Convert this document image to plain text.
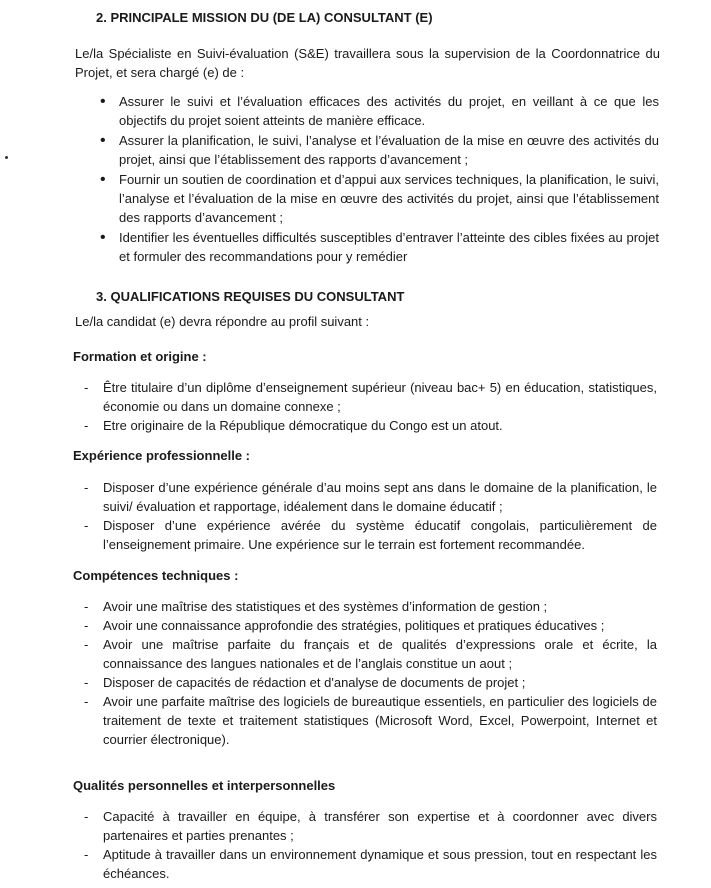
2. PRINCIPALE MISSION DU (DE LA) CONSULTANT (E)
Le/la Spécialiste en Suivi-évaluation (S&E) travaillera sous la supervision de la Coordonnatrice du Projet, et sera chargé (e) de :
• Assurer le suivi et l’évaluation efficaces des activités du projet, en veillant à ce que les objectifs du projet soient atteints de manière efficace.
• Assurer la planification, le suivi, l’analyse et l’évaluation de la mise en œuvre des activités du projet, ainsi que l’établissement des rapports d’avancement ;
• Fournir un soutien de coordination et d’appui aux services techniques, la planification, le suivi, l’analyse et l’évaluation de la mise en œuvre des activités du projet, ainsi que l’établissement des rapports d’avancement ;
• Identifier les éventuelles difficultés susceptibles d’entraver l’atteinte des cibles fixées au projet et formuler des recommandations pour y remédier
3. QUALIFICATIONS REQUISES DU CONSULTANT
Le/la candidat (e) devra répondre au profil suivant :
Formation et origine :
- Être titulaire d’un diplôme d’enseignement supérieur (niveau bac+ 5) en éducation, statistiques, économie ou dans un domaine connexe ;
- Etre originaire de la République démocratique du Congo est un atout.
Expérience professionnelle :
- Disposer d’une expérience générale d’au moins sept ans dans le domaine de la planification, le suivi/ évaluation et rapportage, idéalement dans le domaine éducatif ;
- Disposer d’une expérience avérée du système éducatif congolais, particulièrement de l’enseignement primaire. Une expérience sur le terrain est fortement recommandée.
Compétences techniques :
- Avoir une maîtrise des statistiques et des systèmes d’information de gestion ;
- Avoir une connaissance approfondie des stratégies, politiques et pratiques éducatives ;
- Avoir une maîtrise parfaite du français et de qualités d’expressions orale et écrite, la connaissance des langues nationales et de l’anglais constitue un aout ;
- Disposer de capacités de rédaction et d'analyse de documents de projet ;
- Avoir une parfaite maîtrise des logiciels de bureautique essentiels, en particulier des logiciels de traitement de texte et traitement statistiques (Microsoft Word, Excel, Powerpoint, Internet et courrier électronique).
Qualités personnelles et interpersonnelles
- Capacité à travailler en équipe, à transférer son expertise et à coordonner avec divers partenaires et parties prenantes ;
- Aptitude à travailler dans un environnement dynamique et sous pression, tout en respectant les échéances.
